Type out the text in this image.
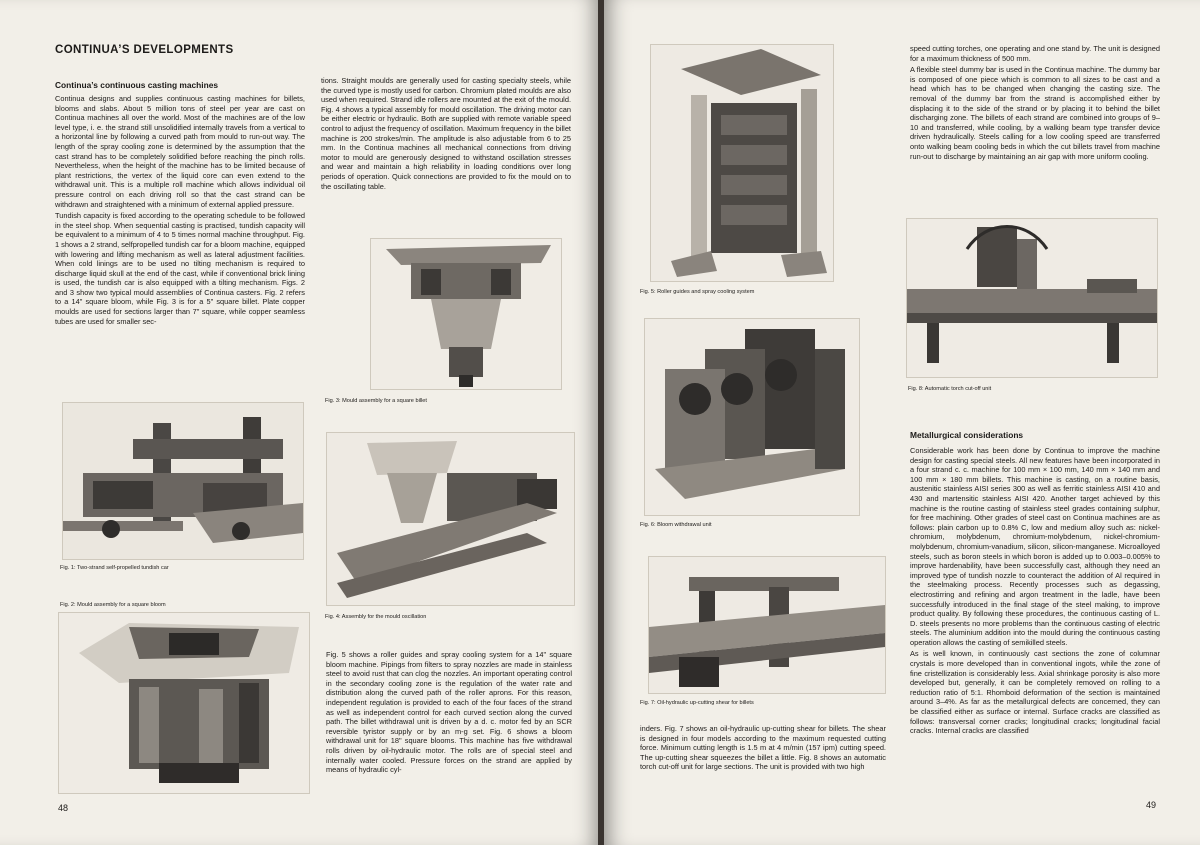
CONTINUA’S DEVELOPMENTS
Continua’s continuous casting machines

Continua designs and supplies continuous casting machines for billets, blooms and slabs. About 5 million tons of steel per year are cast on Continua machines all over the world. Most of the machines are of the low level type, i. e. the strand still unsolidified internally travels from a vertical to a horizontal line by following a curved path from mould to run-out way. The length of the spray cooling zone is determined by the assumption that the cast strand has to be completely solidified before reaching the pinch rolls. Nevertheless, when the height of the machine has to be limited because of plant restrictions, the vertex of the liquid core can even extend to the withdrawal unit. This is a multiple roll machine which allows individual oil pressure control on each driving roll so that the cast strand can be withdrawn and straightened with a minimum of external applied pressure.

Tundish capacity is fixed according to the operating schedule to be followed in the steel shop. When sequential casting is practised, tundish capacity will be equivalent to a minimum of 4 to 5 times normal machine throughput. Fig. 1 shows a 2 strand, selfpropelled tundish car for a bloom machine, equipped with lowering and lifting mechanism as well as lateral adjustment facilities. When cold linings are to be used no tilting mechanism is required to discharge liquid skull at the end of the cast, while if conventional brick lining is used, the tundish car is also equipped with a tilting mechanism. Figs. 2 and 3 show two typical mould assemblies of Continua casters. Fig. 2 refers to a 14" square bloom, while Fig. 3 is for a 5" square billet. Plate copper moulds are used for sections larger than 7" square, while copper seamless tubes are used for smaller sec-

tions. Straight moulds are generally used for casting specialty steels, while the curved type is mostly used for carbon. Chromium plated moulds are also used when required. Strand idle rollers are mounted at the exit of the mould. Fig. 4 shows a typical assembly for mould oscillation. The driving motor can be either electric or hydraulic. Both are supplied with remote variable speed control to adjust the frequency of oscillation. Maximum frequency in the billet machine is 200 strokes/min. The amplitude is also adjustable from 6 to 25 mm. In the Continua machines all mechanical connections from driving motor to mould are generously designed to withstand oscillation stresses and wear and maintain a high reliability in loading conditions over long periods of operation. Quick connections are provided to fix the mould on to the oscillating table.
Fig. 1: Two-strand self-propelled tundish car
Fig. 2: Mould assembly for a square bloom
Fig. 3: Mould assembly for a square billet
Fig. 4: Assembly for the mould oscillation
Fig. 5 shows a roller guides and spray cooling system for a 14" square bloom machine. Pipings from filters to spray nozzles are made in stainless steel to avoid rust that can clog the nozzles. An important operating control in the secondary cooling zone is the regulation of the water rate and distribution along the curved path of the roller aprons. For this reason, independent regulation is provided to each of the four faces of the strand as well as independent control for each curved section along the curved path. The billet withdrawal unit is driven by a d. c. motor fed by an SCR reversible tyristor supply or by an m-g set. Fig. 6 shows a bloom withdrawal unit for 18" square blooms. This machine has five withdrawal rolls driven by oil-hydraulic motor. The rolls are of special steel and internally water cooled. Pressure forces on the strand are applied by means of hydraulic cyl-
48
Fig. 5: Roller guides and spray cooling system
Fig. 6: Bloom withdrawal unit
Fig. 7: Oil-hydraulic up-cutting shear for billets
inders. Fig. 7 shows an oil-hydraulic up-cutting shear for billets. The shear is designed in four models according to the maximum requested cutting force. Minimum cutting length is 1.5 m at 4 m/min (157 ipm) cutting speed. The up-cutting shear squeezes the billet a little. Fig. 8 shows an automatic torch cut-off unit for large sections. The unit is provided with two high

speed cutting torches, one operating and one stand by. The unit is designed for a maximum thickness of 500 mm.

A flexible steel dummy bar is used in the Continua machine. The dummy bar is composed of one piece which is common to all sizes to be cast and a head which has to be changed when changing the casting size. The removal of the dummy bar from the strand is accomplished either by displacing it to the side of the strand or by placing it to behind the billet discharging zone. The billets of each strand are combined into groups of 9–10 and transferred, while cooling, by a walking beam type transfer device driven hydraulically. Steels calling for a low cooling speed are transferred onto walking beam cooling beds in which the cut billets travel from machine run-out to discharge by maintaining an air gap with more uniform cooling.

Fig. 8: Automatic torch cut-off unit
Metallurgical considerations

Considerable work has been done by Continua to improve the machine design for casting special steels. All new features have been incorporated in a four strand c. c. machine for 100 mm × 100 mm, 140 mm × 140 mm and 100 mm × 180 mm billets. This machine is casting, on a routine basis, austenitic stainless AISI series 300 as well as ferritic stainless AISI 410 and 430 and martensitic stainless AISI 420. Another target achieved by this machine is the routine casting of stainless steel grades containing sulphur, for free machining. Other grades of steel cast on Continua machines are as follows: plain carbon up to 0.8% C, low and medium alloy such as: nickel-chromium, molybdenum, chromium-molybdenum, nickel-chromium-molybdenum, chromium-vanadium, silicon, silicon-manganese. Microalloyed steels, such as boron steels in which boron is added up to 0.003–0.005% to improve hardenability, have been successfully cast, although they need an improved type of tundish nozzle to counteract the addition of Al required in the steelmaking process. Recently processes such as degassing, electrostirring and refining and argon treatment in the ladle, have been successfully introduced in the final stage of the steel making, to improve product quality. By following these procedures, the continuous casting of L. D. steels presents no more problems than the continuous casting of electric steels. The aluminium addition into the mould during the continuous casting operation allows the casting of semikilled steels.

As is well known, in continuously cast sections the zone of columnar crystals is more developed than in conventional ingots, while the zone of fine cristellization is considerably less. Axial shrinkage porosity is also more developed but, generally, it can be completely removed on rolling to a reduction ratio of 5:1. Rhomboid deformation of the section is maintained around 3–4%. As far as the metallurgical defects are concerned, they can be classified either as surface or internal. Surface cracks are classified as follows: transversal corner cracks; longitudinal cracks; longitudinal facial cracks. Internal cracks are classified

49
